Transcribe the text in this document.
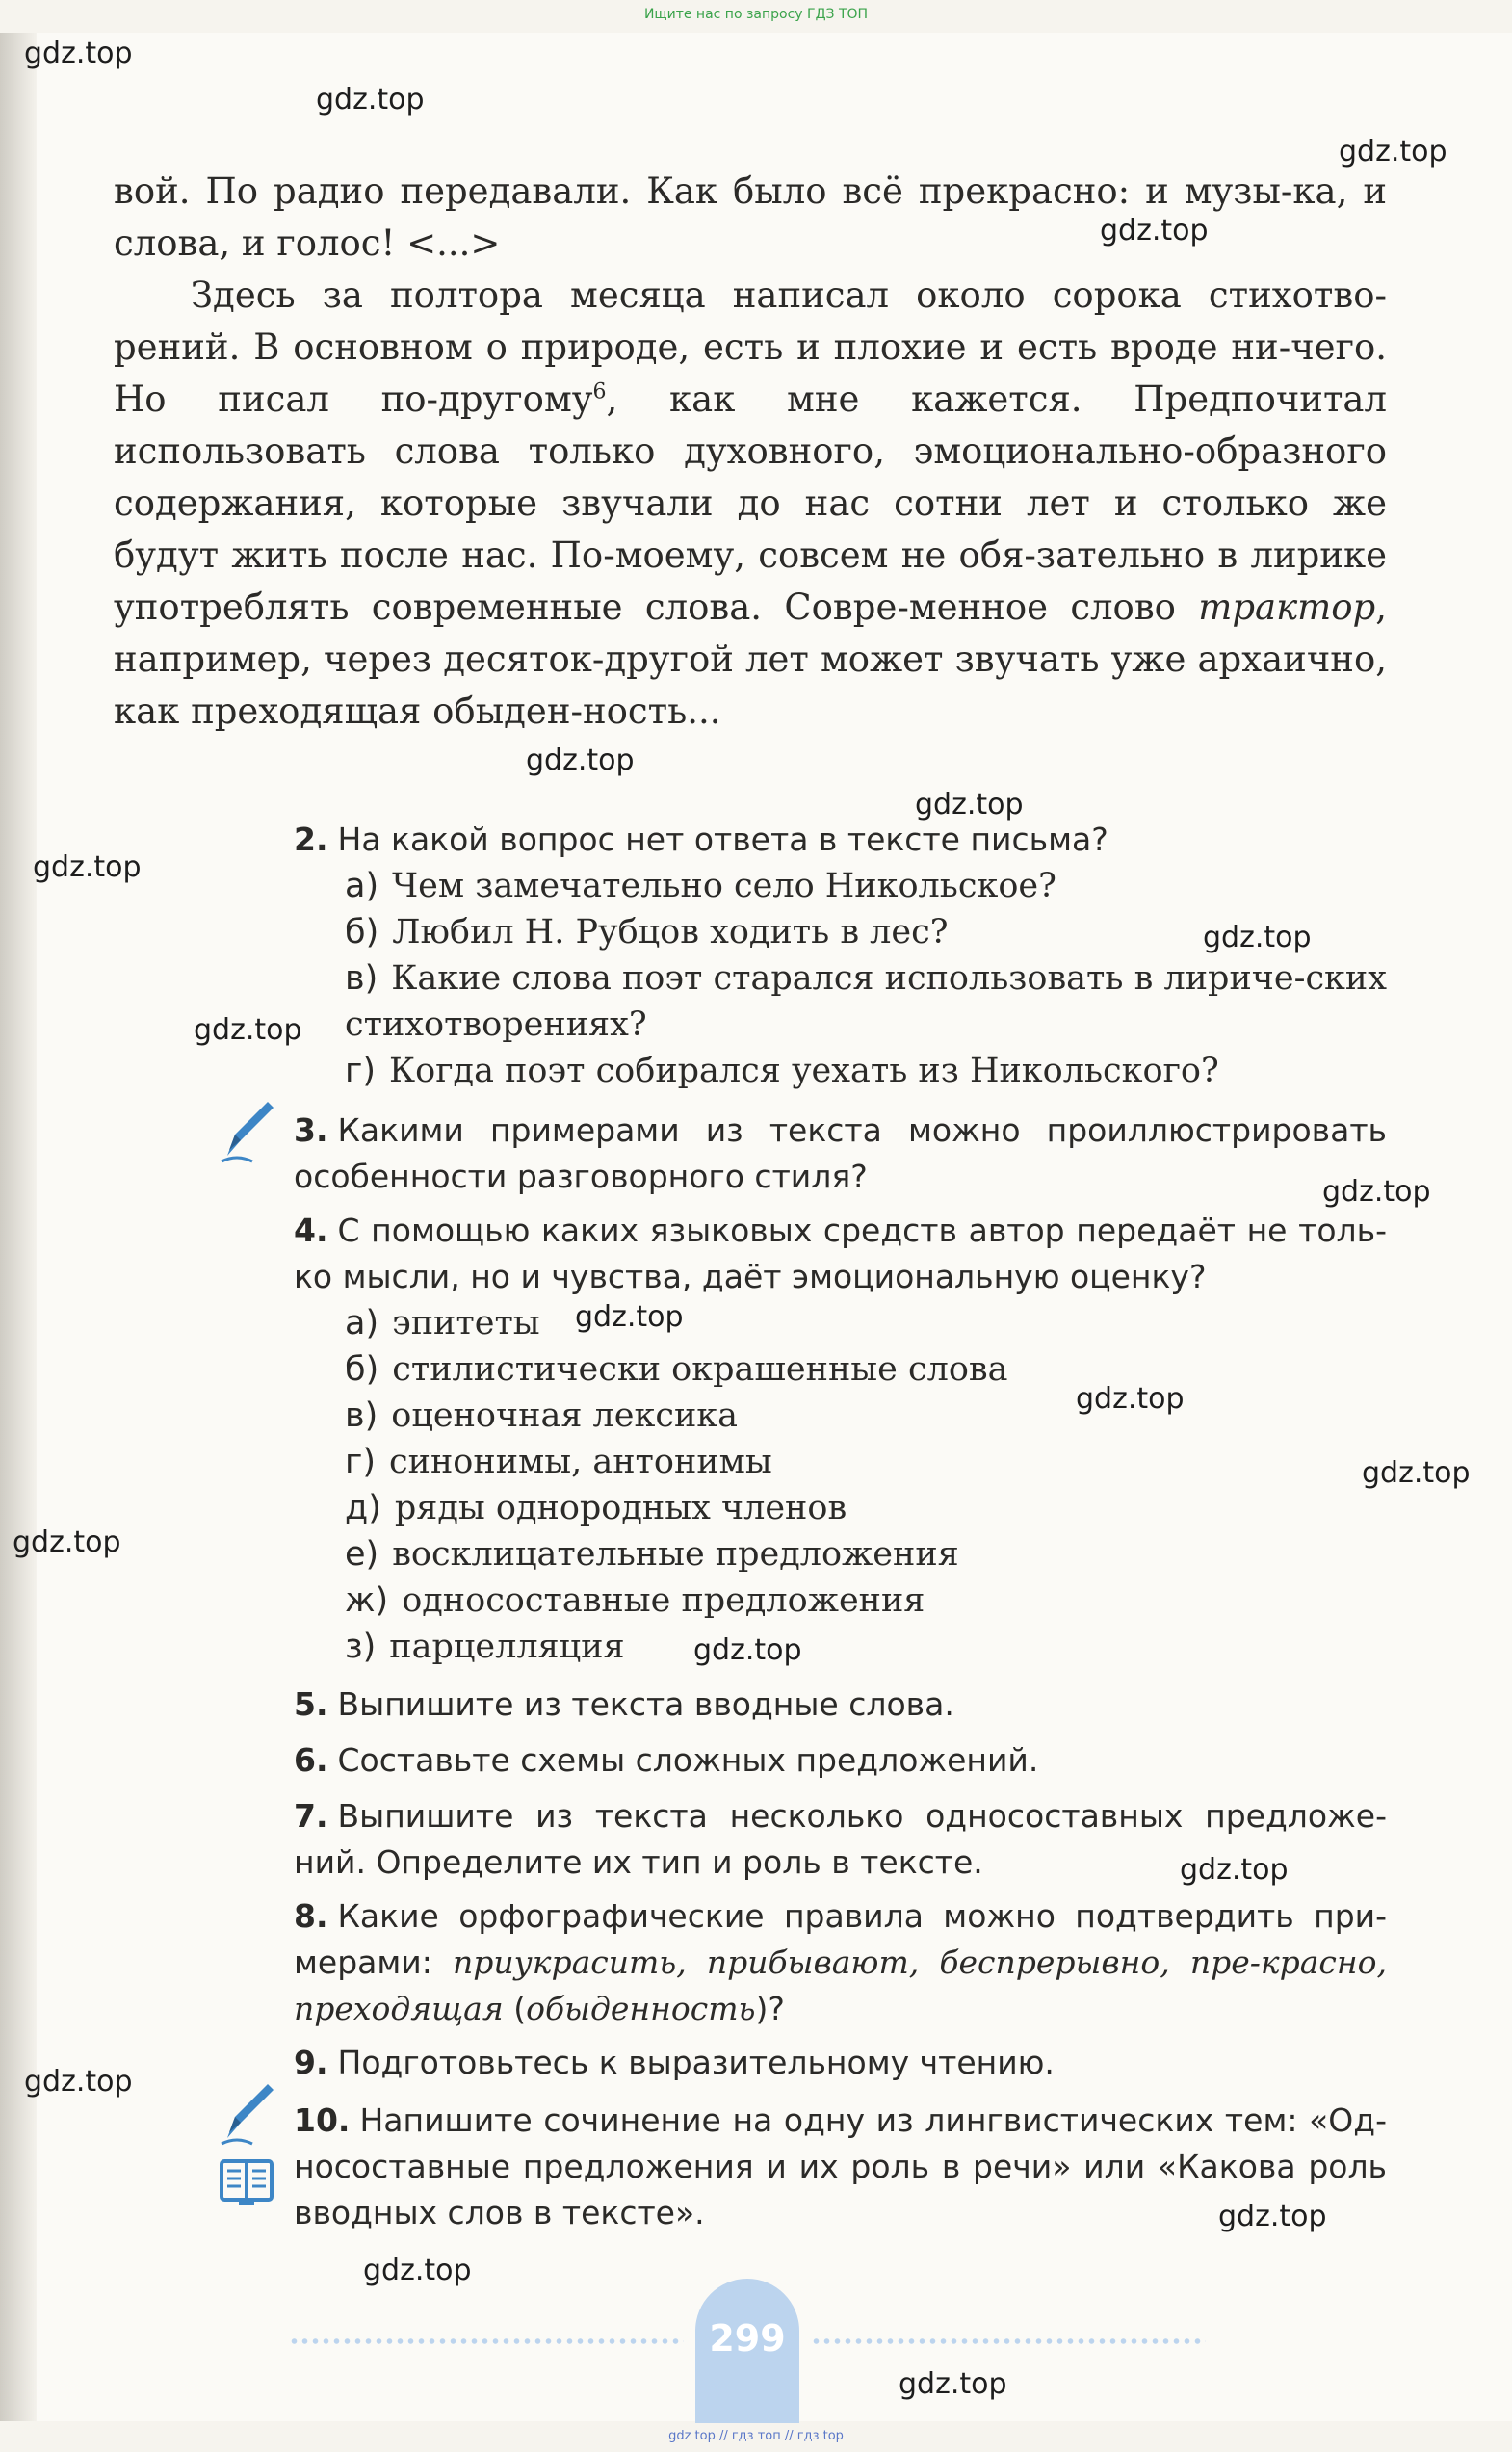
Ищите нас по запросу ГДЗ ТОП
gdz.top
gdz.top
gdz.top
gdz.top
gdz.top
gdz.top
gdz.top
gdz.top
gdz.top
gdz.top
gdz.top
gdz.top
gdz.top
gdz.top
gdz.top
gdz.top
gdz.top
gdz.top
gdz.top
gdz.top
вой. По радио передавали. Как было всё прекрасно: и музы-ка, и слова, и голос! <...>
Здесь за полтора месяца написал около сорока стихотво-рений. В основном о природе, есть и плохие и есть вроде ни-чего. Но писал по-другому$^6$, как мне кажется. Предпочитал использовать слова только духовного, эмоционально-образного содержания, которые звучали до нас сотни лет и столько же будут жить после нас. По-моему, совсем не обя-зательно в лирике употреблять современные слова. Совре-менное слово трактор, например, через десяток-другой лет может звучать уже архаично, как преходящая обыден-ность...
2. На какой вопрос нет ответа в тексте письма?
а) Чем замечательно село Никольское?
б) Любил Н. Рубцов ходить в лес?
в) Какие слова поэт старался использовать в лириче-ских стихотворениях?
г) Когда поэт собирался уехать из Никольского?
3. Какими примерами из текста можно проиллюстрировать особенности разговорного стиля?
4. С помощью каких языковых средств автор передаёт не толь-ко мысли, но и чувства, даёт эмоциональную оценку?
а) эпитеты
б) стилистически окрашенные слова
в) оценочная лексика
г) синонимы, антонимы
д) ряды однородных членов
е) восклицательные предложения
ж) односоставные предложения
з) парцелляция
5. Выпишите из текста вводные слова.
6. Составьте схемы сложных предложений.
7. Выпишите из текста несколько односоставных предложе-ний. Определите их тип и роль в тексте.
8. Какие орфографические правила можно подтвердить при-мерами: приукрасить, прибывают, беспрерывно, пре-красно, преходящая (обыденность)?
9. Подготовьтесь к выразительному чтению.
10. Напишите сочинение на одну из лингвистических тем: «Од-носоставные предложения и их роль в речи» или «Какова роль вводных слов в тексте».
299
gdz top // гдз топ // гдз top
